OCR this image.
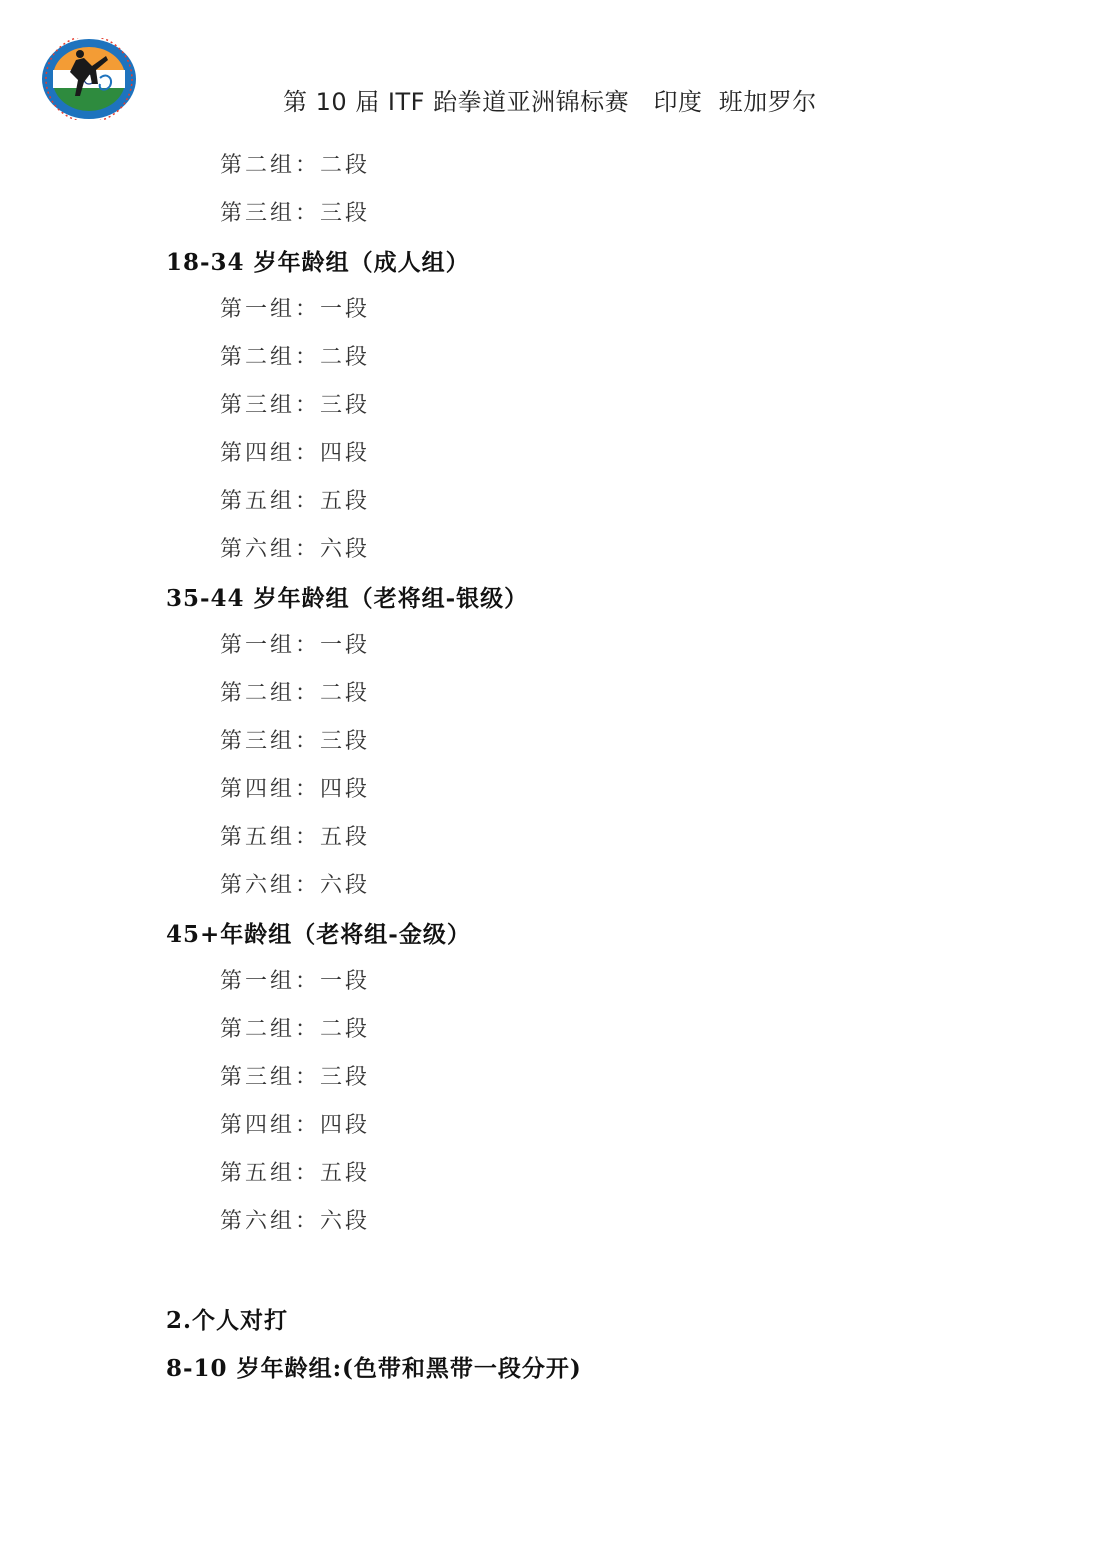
第 10 届 ITF 跆拳道亚洲锦标赛   印度  班加罗尔
第二组：二段
第三组：三段
18-34 岁年龄组（成人组）
第一组：一段
第二组：二段
第三组：三段
第四组：四段
第五组：五段
第六组：六段
35-44 岁年龄组（老将组-银级）
第一组：一段
第二组：二段
第三组：三段
第四组：四段
第五组：五段
第六组：六段
45+年龄组（老将组-金级）
第一组：一段
第二组：二段
第三组：三段
第四组：四段
第五组：五段
第六组：六段
2.个人对打
8-10 岁年龄组:(色带和黑带一段分开)
